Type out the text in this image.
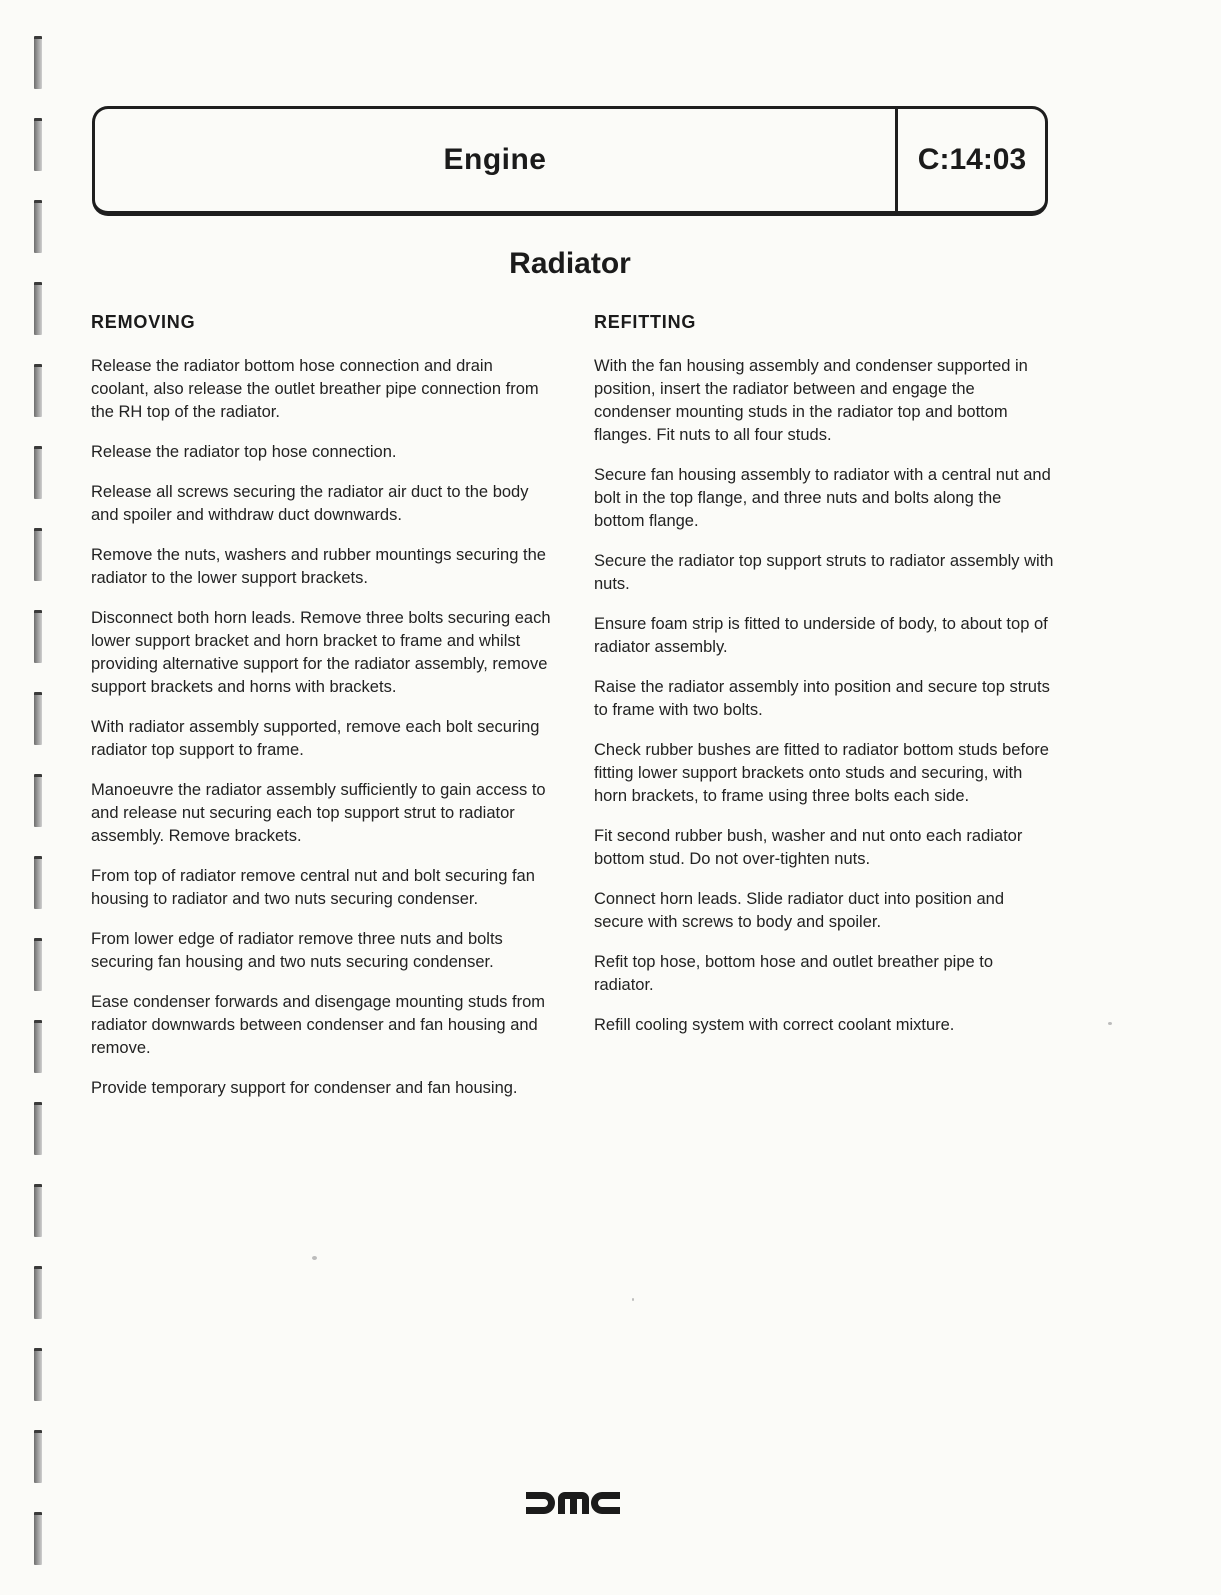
Engine	C:14:03
Radiator
REMOVING

Release the radiator bottom hose connection and drain coolant, also release the outlet breather pipe connection from the RH top of the radiator.

Release the radiator top hose connection.

Release all screws securing the radiator air duct to the body and spoiler and withdraw duct downwards.

Remove the nuts, washers and rubber mountings securing the radiator to the lower support brackets.

Disconnect both horn leads. Remove three bolts securing each lower support bracket and horn bracket to frame and whilst providing alternative support for the radiator assembly, remove support brackets and horns with brackets.

With radiator assembly supported, remove each bolt securing radiator top support to frame.

Manoeuvre the radiator assembly sufficiently to gain access to and release nut securing each top support strut to radiator assembly. Remove brackets.

From top of radiator remove central nut and bolt securing fan housing to radiator and two nuts securing condenser.

From lower edge of radiator remove three nuts and bolts securing fan housing and two nuts securing condenser.

Ease condenser forwards and disengage mounting studs from radiator downwards between condenser and fan housing and remove.

Provide temporary support for condenser and fan housing.

REFITTING

With the fan housing assembly and condenser supported in position, insert the radiator between and engage the condenser mounting studs in the radiator top and bottom flanges. Fit nuts to all four studs.

Secure fan housing assembly to radiator with a central nut and bolt in the top flange, and three nuts and bolts along the bottom flange.

Secure the radiator top support struts to radiator assembly with nuts.

Ensure foam strip is fitted to underside of body, to about top of radiator assembly.

Raise the radiator assembly into position and secure top struts to frame with two bolts.

Check rubber bushes are fitted to radiator bottom studs before fitting lower support brackets onto studs and securing, with horn brackets, to frame using three bolts each side.

Fit second rubber bush, washer and nut onto each radiator bottom stud. Do not over-tighten nuts.

Connect horn leads. Slide radiator duct into position and secure with screws to body and spoiler.

Refit top hose, bottom hose and outlet breather pipe to radiator.

Refill cooling system with correct coolant mixture.
